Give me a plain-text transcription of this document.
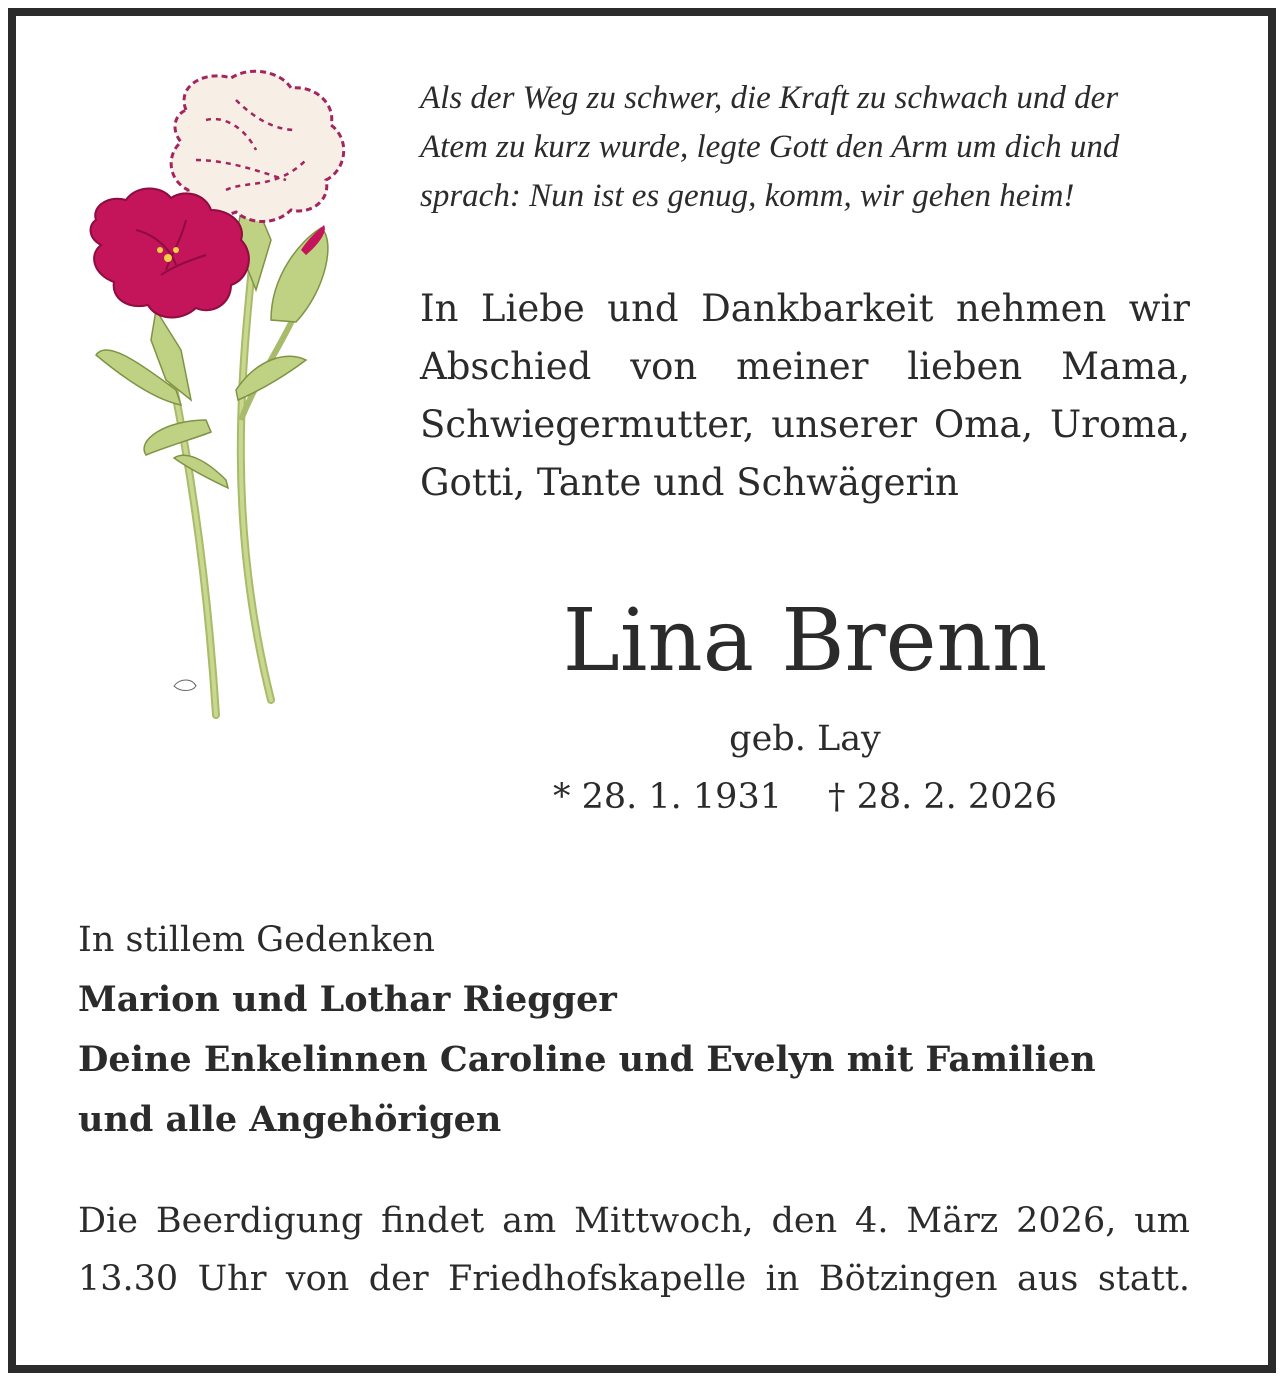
Als der Weg zu schwer, die Kraft zu schwach und der
Atem zu kurz wurde, legte Gott den Arm um dich und
sprach: Nun ist es genug, komm, wir gehen heim!
In Liebe und Dankbarkeit nehmen wir
Abschied von meiner lieben Mama,
Schwiegermutter, unserer Oma, Uroma,
Gotti, Tante und Schwägerin
Lina Brenn
geb. Lay
* 28. 1. 1931 † 28. 2. 2026
In stillem Gedenken
Marion und Lothar Riegger
Deine Enkelinnen Caroline und Evelyn mit Familien
und alle Angehörigen
Die Beerdigung findet am Mittwoch, den 4. März 2026, um
13.30 Uhr von der Friedhofskapelle in Bötzingen aus statt.
